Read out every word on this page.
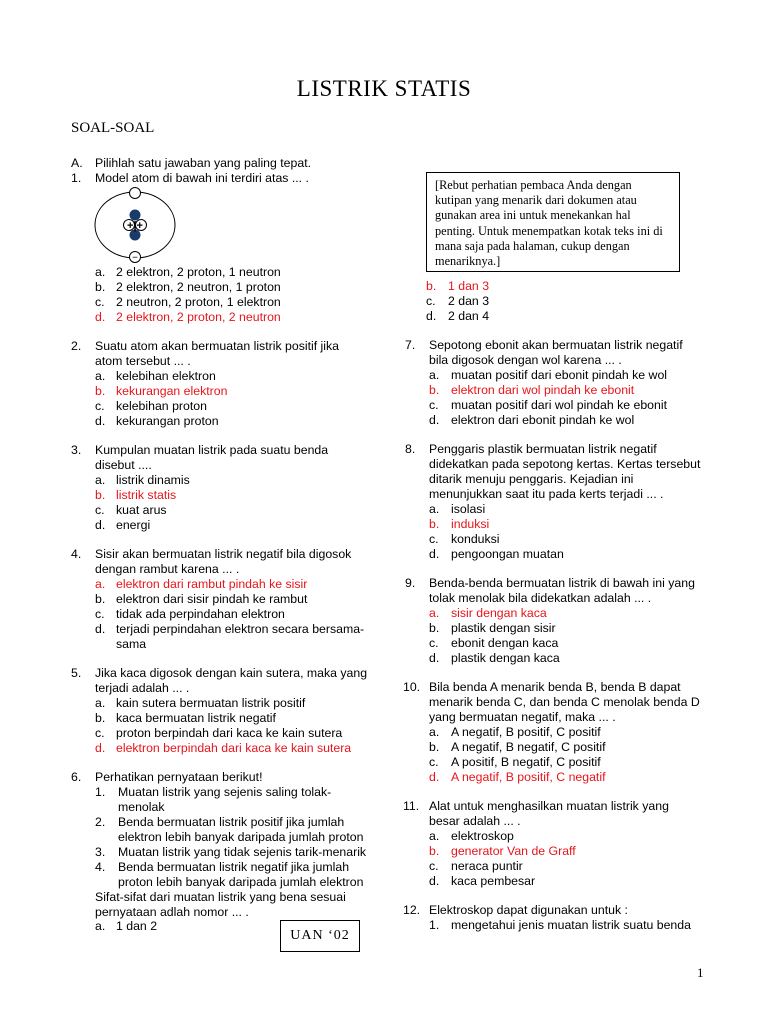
LISTRIK STATIS
SOAL-SOAL
−
+|+
[Rebut perhatian pembaca Anda dengan kutipan yang menarik dari dokumen atau gunakan area ini untuk menekankan hal penting. Untuk menempatkan kotak teks ini di mana saja pada halaman, cukup dengan menariknya.]
A. Pilihlah satu jawaban yang paling tepat.
1. Model atom di bawah ini terdiri atas ... .
a. 2 elektron, 2 proton, 1 neutron
b. 2 elektron, 2 neutron, 1 proton
c. 2 neutron, 2 proton, 1 elektron
d. 2 elektron, 2 proton, 2 neutron
2. Suatu atom akan bermuatan listrik positif jika
atom tersebut ... .
a. kelebihan elektron
b. kekurangan elektron
c. kelebihan proton
d. kekurangan proton
3. Kumpulan muatan listrik pada suatu benda
disebut ....
a. listrik dinamis
b. listrik statis
c. kuat arus
d. energi
4. Sisir akan bermuatan listrik negatif bila digosok
dengan rambut karena ... .
a. elektron dari rambut pindah ke sisir
b. elektron dari sisir pindah ke rambut
c. tidak ada perpindahan elektron
d. terjadi perpindahan elektron secara bersama-
sama
5. Jika kaca digosok dengan kain sutera, maka yang
terjadi adalah ... .
a. kain sutera bermuatan listrik positif
b. kaca bermuatan listrik negatif
c. proton berpindah dari kaca ke kain sutera
d. elektron berpindah dari kaca ke kain sutera
6. Perhatikan pernyataan berikut!
1. Muatan listrik yang sejenis saling tolak-
menolak
2. Benda bermuatan listrik positif jika jumlah
elektron lebih banyak daripada jumlah proton
3. Muatan listrik yang tidak sejenis tarik-menarik
4. Benda bermuatan listrik negatif jika jumlah
proton lebih banyak daripada jumlah elektron
Sifat-sifat dari muatan listrik yang bena sesuai
pernyataan adlah nomor ... .
a. 1 dan 2
b. 1 dan 3
c. 2 dan 3
d. 2 dan 4
7. Sepotong ebonit akan bermuatan listrik negatif
bila digosok dengan wol karena ... .
a. muatan positif dari ebonit pindah ke wol
b. elektron dari wol pindah ke ebonit
c. muatan positif dari wol pindah ke ebonit
d. elektron dari ebonit pindah ke wol
8. Penggaris plastik bermuatan listrik negatif
didekatkan pada sepotong kertas. Kertas tersebut
ditarik menuju penggaris. Kejadian ini
menunjukkan saat itu pada kerts terjadi ... .
a. isolasi
b. induksi
c. konduksi
d. pengoongan muatan
9. Benda-benda bermuatan listrik di bawah ini yang
tolak menolak bila didekatkan adalah ... .
a. sisir dengan kaca
b. plastik dengan sisir
c. ebonit dengan kaca
d. plastik dengan kaca
10. Bila benda A menarik benda B, benda B dapat
menarik benda C, dan benda C menolak benda D
yang bermuatan negatif, maka ... .
a. A negatif, B positif, C positif
b. A negatif, B negatif, C positif
c. A positif, B negatif, C positif
d. A negatif, B positif, C negatif
11. Alat untuk menghasilkan muatan listrik yang
besar adalah ... .
a. elektroskop
b. generator Van de Graff
c. neraca puntir
d. kaca pembesar
12. Elektroskop dapat digunakan untuk :
1. mengetahui jenis muatan listrik suatu benda
UAN ‘02
1
